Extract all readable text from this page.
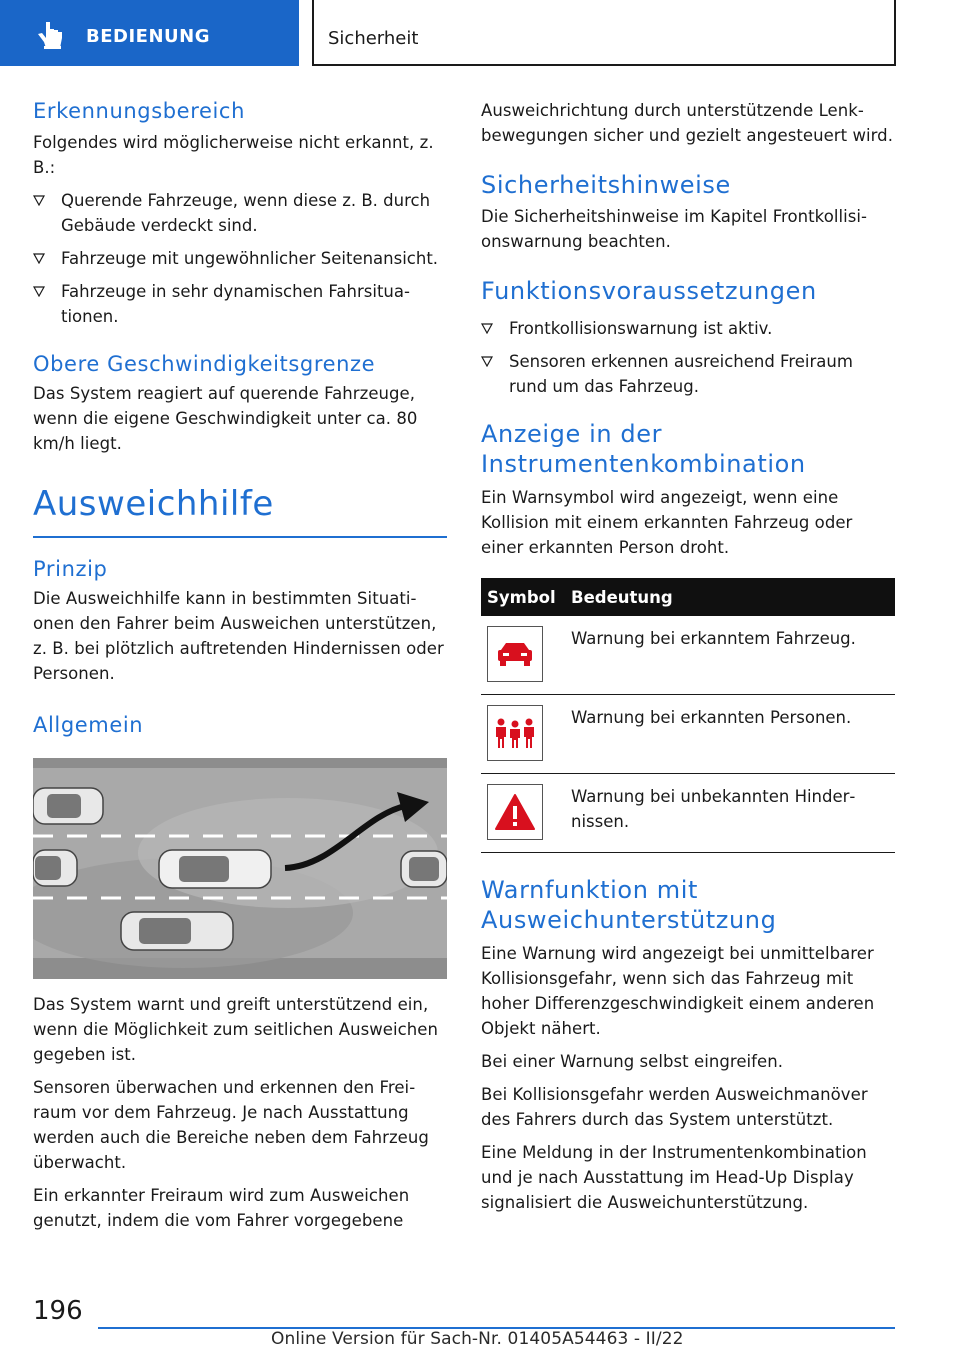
BEDIENUNG	Sicherheit
Erkennungsbereich

Folgendes wird möglicherweise nicht erkannt, z. B.:

Querende Fahrzeuge, wenn diese z. B. durch Gebäude verdeckt sind.
Fahrzeuge mit ungewöhnlicher Seitenansicht.
Fahrzeuge in sehr dynamischen Fahrsituationen.
Obere Geschwindigkeitsgrenze

Das System reagiert auf querende Fahrzeuge, wenn die eigene Geschwindigkeit unter ca. 80 km/h liegt.

Ausweichhilfe
Prinzip

Die Ausweichhilfe kann in bestimmten Situationen den Fahrer beim Ausweichen unterstützen, z. B. bei plötzlich auftretenden Hindernissen oder Personen.

Allgemein

Das System warnt und greift unterstützend ein, wenn die Möglichkeit zum seitlichen Ausweichen gegeben ist.

Sensoren überwachen und erkennen den Freiraum vor dem Fahrzeug. Je nach Ausstattung werden auch die Bereiche neben dem Fahrzeug überwacht.

Ein erkannter Freiraum wird zum Ausweichen genutzt, indem die vom Fahrer vorgegebene

Ausweichrichtung durch unterstützende Lenkbewegungen sicher und gezielt angesteuert wird.

Sicherheitshinweise

Die Sicherheitshinweise im Kapitel Frontkollisionswarnung beachten.

Funktionsvoraussetzungen
Frontkollisionswarnung ist aktiv.
Sensoren erkennen ausreichend Freiraum rund um das Fahrzeug.
Anzeige in der
Instrumentenkombination

Ein Warnsymbol wird angezeigt, wenn eine Kollision mit einem erkannten Fahrzeug oder einer erkannten Person droht.

Symbol Bedeutung
Warnung bei erkanntem Fahrzeug.
Warnung bei erkannten Personen.
Warnung bei unbekannten Hindernissen.
Warnfunktion mit
Ausweichunterstützung

Eine Warnung wird angezeigt bei unmittelbarer Kollisionsgefahr, wenn sich das Fahrzeug mit hoher Differenzgeschwindigkeit einem anderen Objekt nähert.

Bei einer Warnung selbst eingreifen.

Bei Kollisionsgefahr werden Ausweichmanöver des Fahrers durch das System unterstützt.

Eine Meldung in der Instrumentenkombination und je nach Ausstattung im Head-Up Display signalisiert die Ausweichunterstützung.

196
Online Version für Sach-Nr. 01405A54463 - II/22
